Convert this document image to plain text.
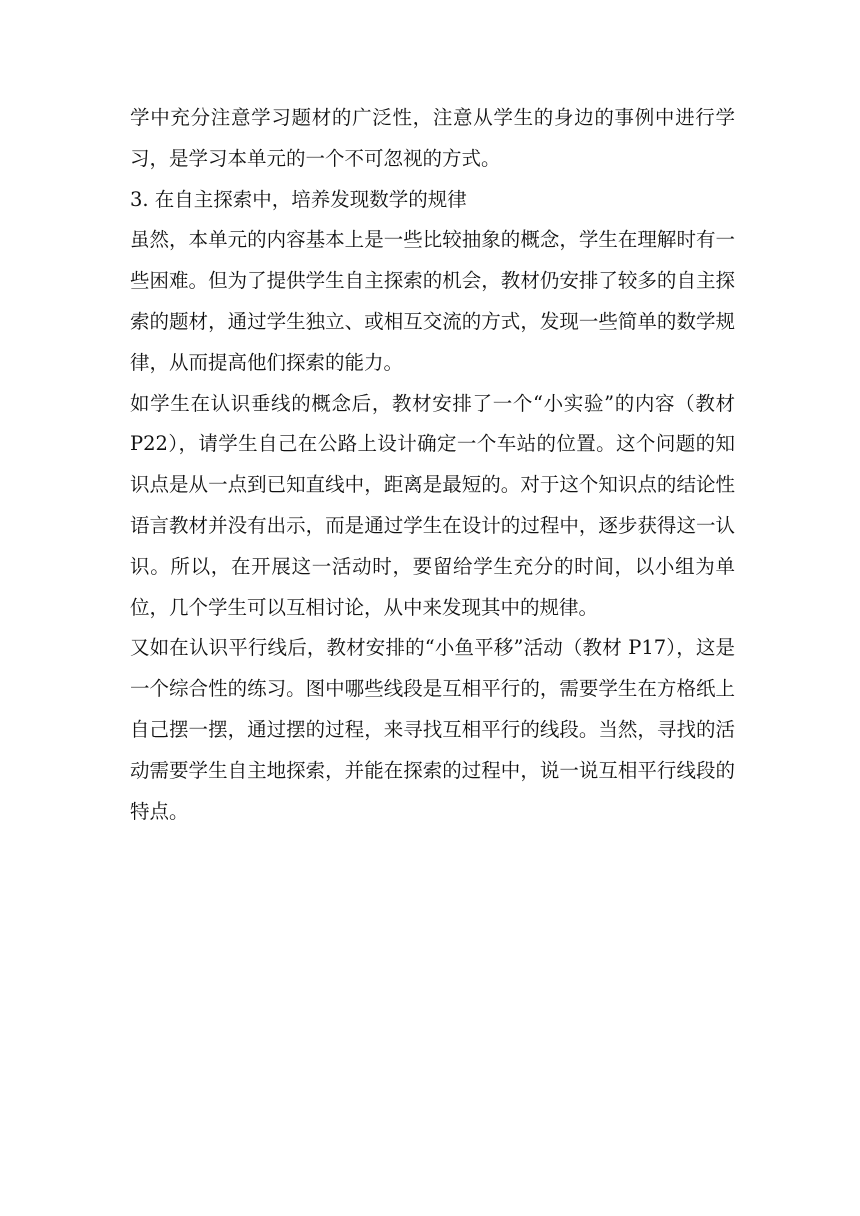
学中充分注意学习题材的广泛性，注意从学生的身边的事例中进行学习，是学习本单元的一个不可忽视的方式。

3. 在自主探索中，培养发现数学的规律

虽然，本单元的内容基本上是一些比较抽象的概念，学生在理解时有一些困难。但为了提供学生自主探索的机会，教材仍安排了较多的自主探索的题材，通过学生独立、或相互交流的方式，发现一些简单的数学规律，从而提高他们探索的能力。

如学生在认识垂线的概念后，教材安排了一个“小实验”的内容（教材 P22），请学生自己在公路上设计确定一个车站的位置。这个问题的知识点是从一点到已知直线中，距离是最短的。对于这个知识点的结论性语言教材并没有出示，而是通过学生在设计的过程中，逐步获得这一认识。所以，在开展这一活动时，要留给学生充分的时间，以小组为单位，几个学生可以互相讨论，从中来发现其中的规律。

又如在认识平行线后，教材安排的“小鱼平移”活动（教材 P17），这是一个综合性的练习。图中哪些线段是互相平行的，需要学生在方格纸上自己摆一摆，通过摆的过程，来寻找互相平行的线段。当然，寻找的活动需要学生自主地探索，并能在探索的过程中，说一说互相平行线段的特点。
